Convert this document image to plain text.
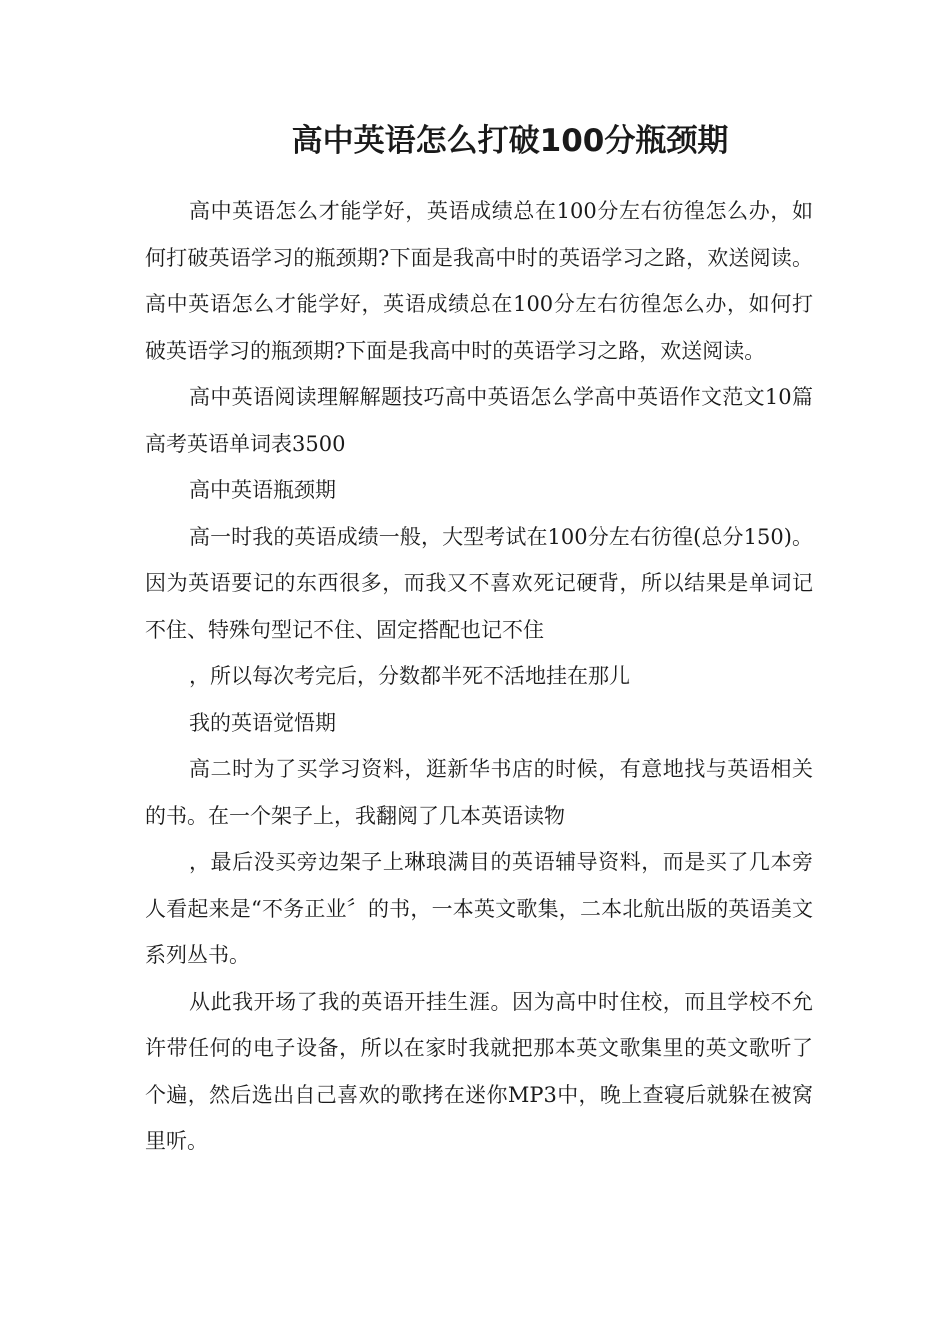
高中英语怎么打破100分瓶颈期

高中英语怎么才能学好，英语成绩总在100分左右彷徨怎么办，如何打破英语学习的瓶颈期?下面是我高中时的英语学习之路，欢送阅读。高中英语怎么才能学好，英语成绩总在100分左右彷徨怎么办，如何打破英语学习的瓶颈期?下面是我高中时的英语学习之路，欢送阅读。

高中英语阅读理解解题技巧高中英语怎么学高中英语作文范文10篇高考英语单词表3500

高中英语瓶颈期

高一时我的英语成绩一般，大型考试在100分左右彷徨(总分150)。因为英语要记的东西很多，而我又不喜欢死记硬背，所以结果是单词记不住、特殊句型记不住、固定搭配也记不住

，所以每次考完后，分数都半死不活地挂在那儿

我的英语觉悟期

高二时为了买学习资料，逛新华书店的时候，有意地找与英语相关的书。在一个架子上，我翻阅了几本英语读物

，最后没买旁边架子上琳琅满目的英语辅导资料，而是买了几本旁人看起来是“不务正业〞的书，一本英文歌集，二本北航出版的英语美文系列丛书。

从此我开场了我的英语开挂生涯。因为高中时住校，而且学校不允许带任何的电子设备，所以在家时我就把那本英文歌集里的英文歌听了个遍，然后选出自己喜欢的歌拷在迷你MP3中，晚上查寝后就躲在被窝里听。
